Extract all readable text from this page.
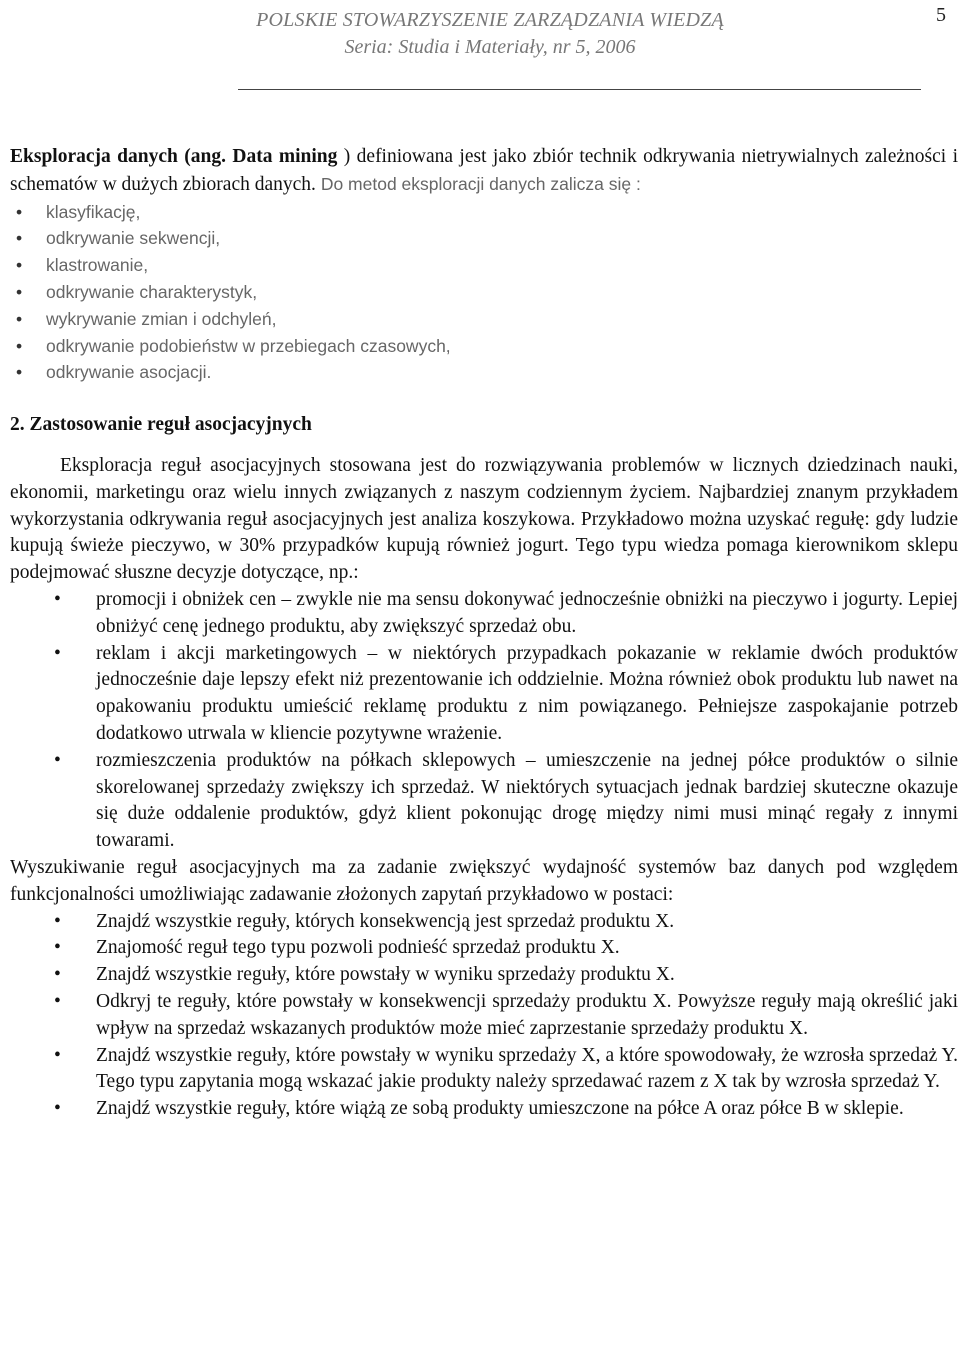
POLSKIE STOWARZYSZENIE ZARZĄDZANIA WIEDZĄ
Seria: Studia i Materiały, nr 5, 2006
5

Eksploracja danych (ang. Data mining ) definiowana jest jako zbiór technik odkrywania nietrywialnych zależności i schematów w dużych zbiorach danych. Do metod eksploracji danych zalicza się :

• klasyfikację,
• odkrywanie sekwencji,
• klastrowanie,
• odkrywanie charakterystyk,
• wykrywanie zmian i odchyleń,
• odkrywanie podobieństw w przebiegach czasowych,
• odkrywanie asocjacji.

2. Zastosowanie reguł asocjacyjnych

Eksploracja reguł asocjacyjnych stosowana jest do rozwiązywania problemów w licznych dziedzinach nauki, ekonomii, marketingu oraz wielu innych związanych z naszym codziennym życiem. Najbardziej znanym przykładem wykorzystania odkrywania reguł asocjacyjnych jest analiza koszykowa. Przykładowo można uzyskać regułę: gdy ludzie kupują świeże pieczywo, w 30% przypadków kupują również jogurt. Tego typu wiedza pomaga kierownikom sklepu podejmować słuszne decyzje dotyczące, np.:

• promocji i obniżek cen – zwykle nie ma sensu dokonywać jednocześnie obniżki na pieczywo i jogurty. Lepiej obniżyć cenę jednego produktu, aby zwiększyć sprzedaż obu.
• reklam i akcji marketingowych – w niektórych przypadkach pokazanie w reklamie dwóch produktów jednocześnie daje lepszy efekt niż prezentowanie ich oddzielnie. Można również obok produktu lub nawet na opakowaniu produktu umieścić reklamę produktu z nim powiązanego. Pełniejsze zaspokajanie potrzeb dodatkowo utrwala w kliencie pozytywne wrażenie.
• rozmieszczenia produktów na półkach sklepowych – umieszczenie na jednej półce produktów o silnie skorelowanej sprzedaży zwiększy ich sprzedaż. W niektórych sytuacjach jednak bardziej skuteczne okazuje się duże oddalenie produktów, gdyż klient pokonując drogę między nimi musi minąć regały z innymi towarami.

Wyszukiwanie reguł asocjacyjnych ma za zadanie zwiększyć wydajność systemów baz danych pod względem funkcjonalności umożliwiając zadawanie złożonych zapytań przykładowo w postaci:

• Znajdź wszystkie reguły, których konsekwencją jest sprzedaż produktu X.
• Znajomość reguł tego typu pozwoli podnieść sprzedaż produktu X.
• Znajdź wszystkie reguły, które powstały w wyniku sprzedaży produktu X.
• Odkryj te reguły, które powstały w konsekwencji sprzedaży produktu X. Powyższe reguły mają określić jaki wpływ na sprzedaż wskazanych produktów może mieć zaprzestanie sprzedaży produktu X.
• Znajdź wszystkie reguły, które powstały w wyniku sprzedaży X, a które spowodowały, że wzrosła sprzedaż Y. Tego typu zapytania mogą wskazać jakie produkty należy sprzedawać razem z X tak by wzrosła sprzedaż Y.
• Znajdź wszystkie reguły, które wiążą ze sobą produkty umieszczone na półce A oraz półce B w sklepie.
